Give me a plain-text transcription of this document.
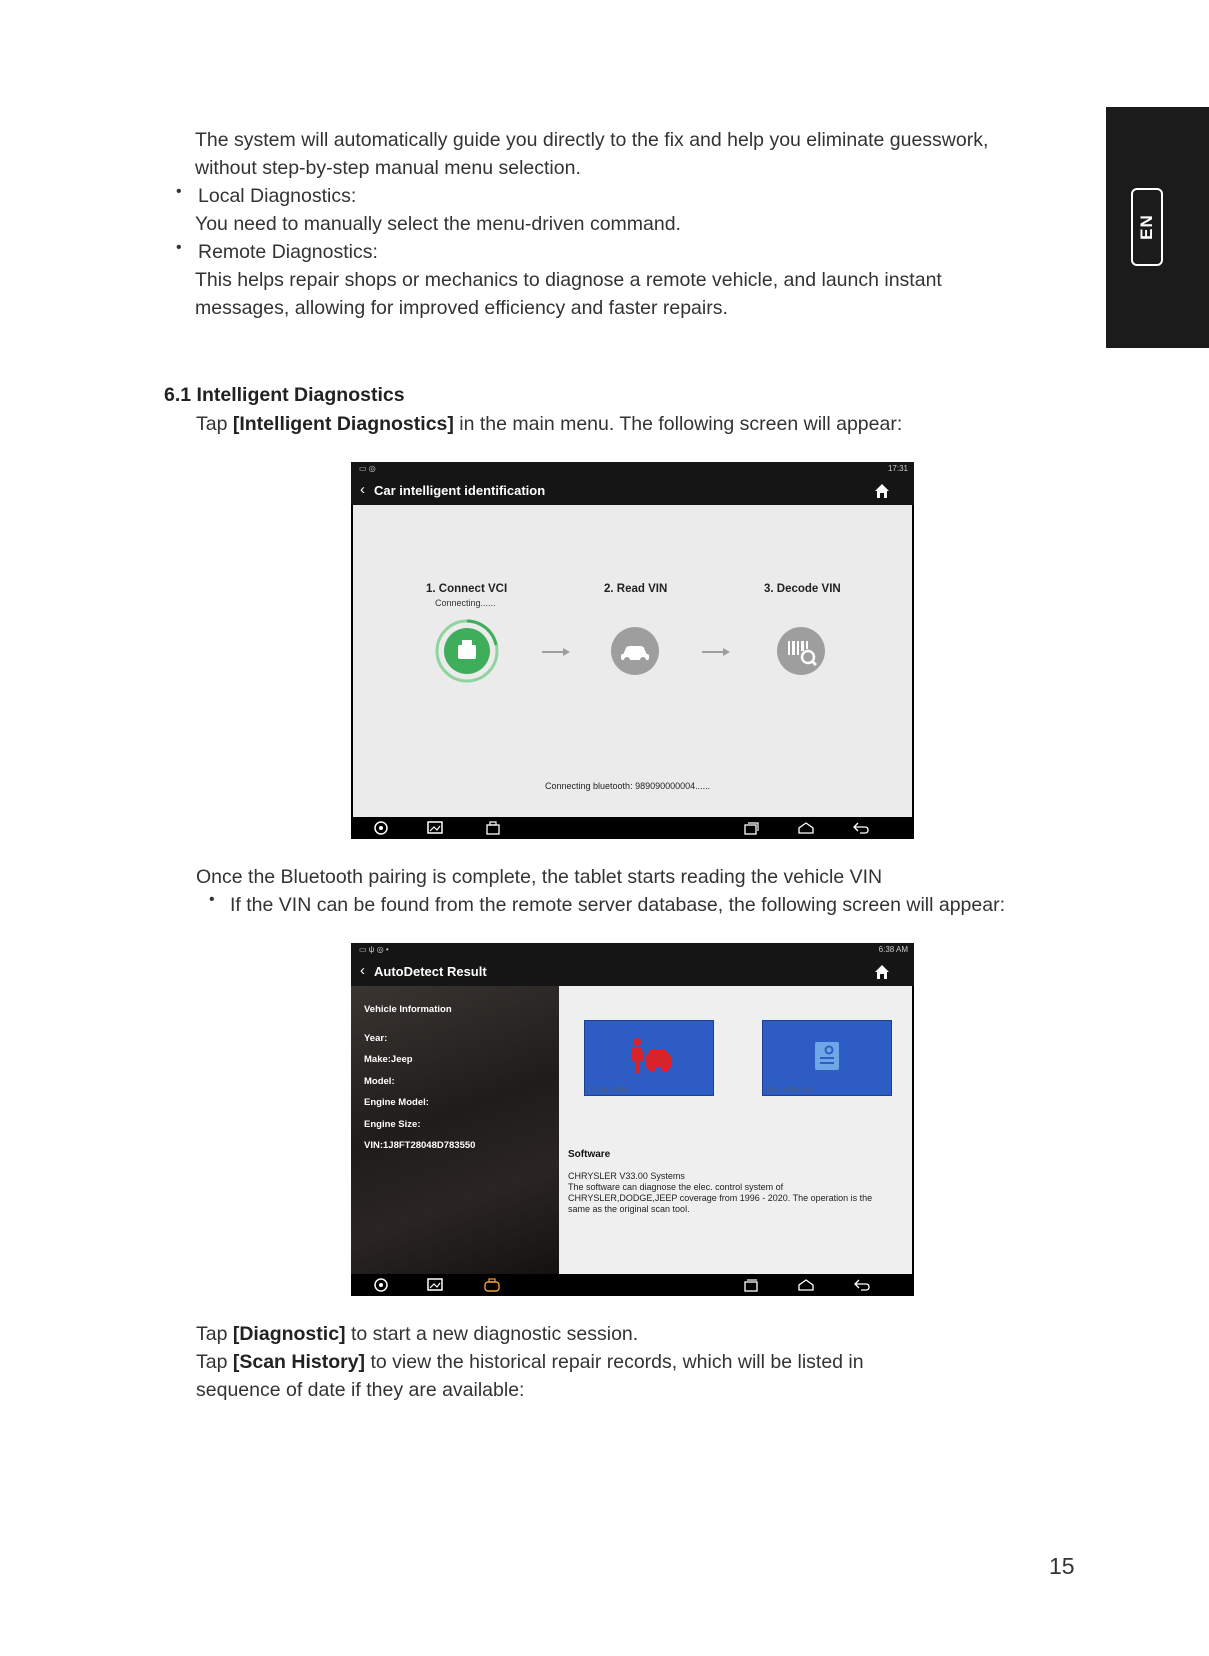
EN
The system will automatically guide you directly to the fix and help you eliminate guesswork,
without step-by-step manual menu selection.
• Local Diagnostics:
You need to manually select the menu-driven command.
• Remote Diagnostics:
This helps repair shops or mechanics to diagnose a remote vehicle, and launch instant
messages, allowing for improved efficiency and faster repairs.
6.1 Intelligent Diagnostics
Tap [Intelligent Diagnostics] in the main menu. The following screen will appear:
▭ ◎	17:31
‹ Car intelligent identification
1. Connect VCI
Connecting......
2. Read VIN	3. Decode VIN
Connecting bluetooth: 989090000004......
Once the Bluetooth pairing is complete, the tablet starts reading the vehicle VIN
• If the VIN can be found from the remote server database, the following screen will appear:
▭ ψ ◎ •	6:38 AM
‹ AutoDetect Result
Vehicle Information
Year:
Make:Jeep
Model:
Engine Model:
Engine Size:
VIN:1J8FT28048D783550
Diagnostic	Scan History
Software
CHRYSLER V33.00 Systems
The software can diagnose the elec. control system of
CHRYSLER,DODGE,JEEP coverage from 1996 - 2020. The operation is the
same as the original scan tool.
Tap [Diagnostic] to start a new diagnostic session.
Tap [Scan History] to view the historical repair records, which will be listed in
sequence of date if they are available:
15
